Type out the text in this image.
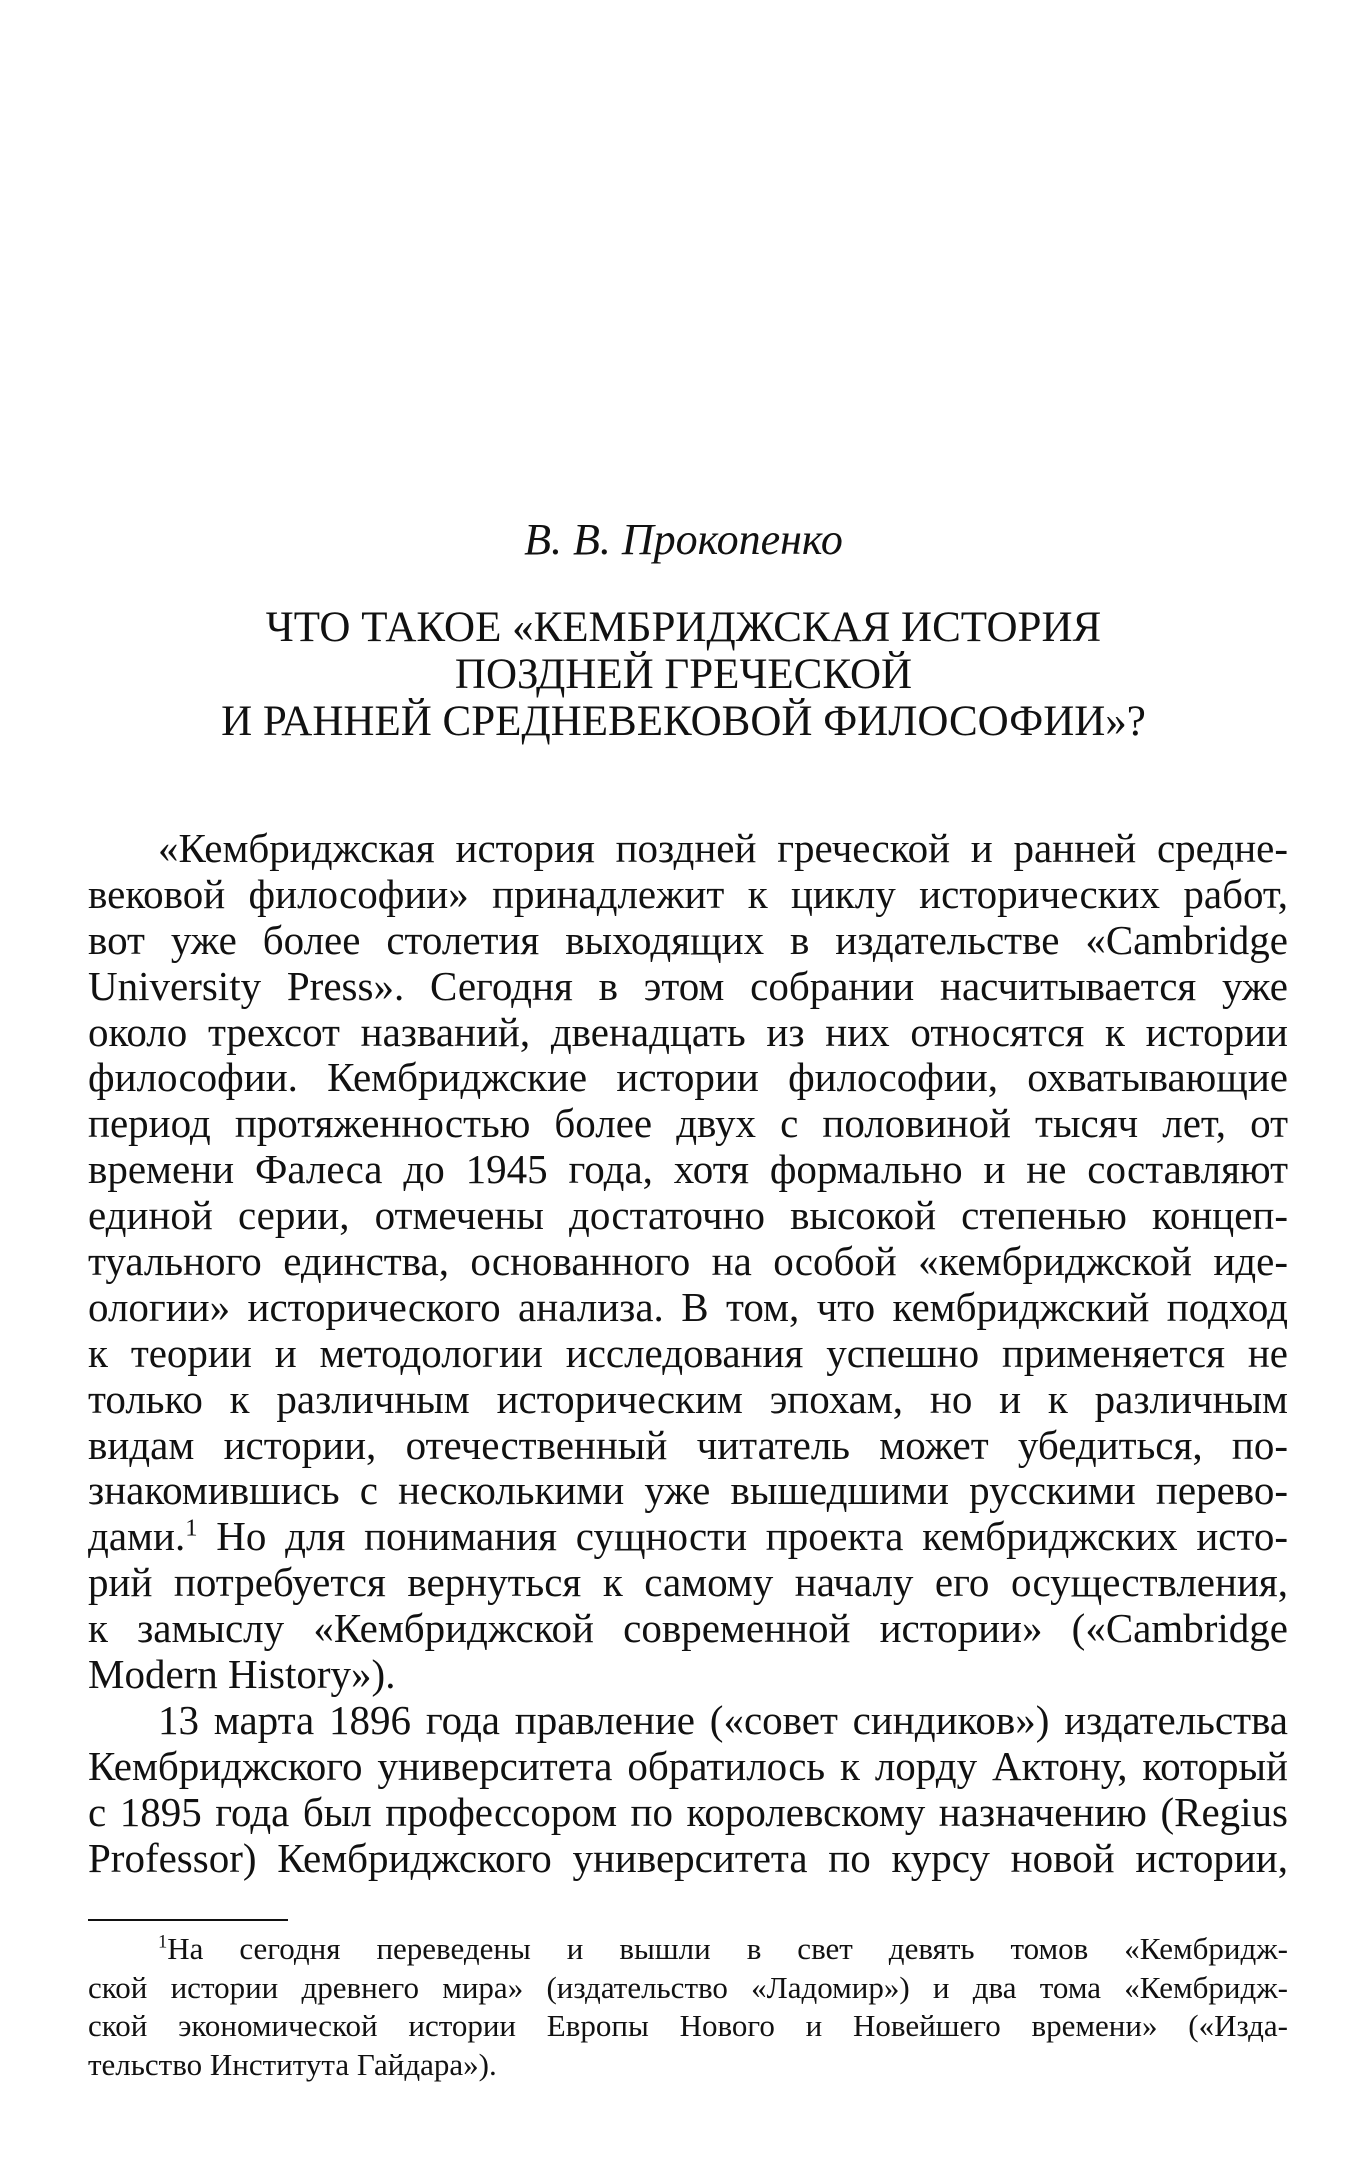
В. В. Прокопенко
ЧТО ТАКОЕ «КЕМБРИДЖСКАЯ ИСТОРИЯ
ПОЗДНЕЙ ГРЕЧЕСКОЙ
И РАННЕЙ СРЕДНЕВЕКОВОЙ ФИЛОСОФИИ»?
«Кембриджская история поздней греческой и ранней средне-
вековой философии» принадлежит к циклу исторических работ,
вот уже более столетия выходящих в издательстве «Cambridge
University Press». Сегодня в этом собрании насчитывается уже
около трехсот названий, двенадцать из них относятся к истории
философии. Кембриджские истории философии, охватывающие
период протяженностью более двух с половиной тысяч лет, от
времени Фалеса до 1945 года, хотя формально и не составляют
единой серии, отмечены достаточно высокой степенью концеп-
туального единства, основанного на особой «кембриджской иде-
ологии» исторического анализа. В том, что кембриджский подход
к теории и методологии исследования успешно применяется не
только к различным историческим эпохам, но и к различным
видам истории, отечественный читатель может убедиться, по-
знакомившись с несколькими уже вышедшими русскими перево-
дами.$^1$ Но для понимания сущности проекта кембриджских исто-
рий потребуется вернуться к самому началу его осуществления,
к замыслу «Кембриджской современной истории» («Cambridge
Modern History»).
13 марта 1896 года правление («совет синдиков») издательства
Кембриджского университета обратилось к лорду Актону, который
с 1895 года был профессором по королевскому назначению (Regius
Professor) Кембриджского университета по курсу новой истории,
$^1$На сегодня переведены и вышли в свет девять томов «Кембридж-
ской истории древнего мира» (издательство «Ладомир») и два тома «Кембридж-
ской экономической истории Европы Нового и Новейшего времени» («Изда-
тельство Института Гайдара»).
